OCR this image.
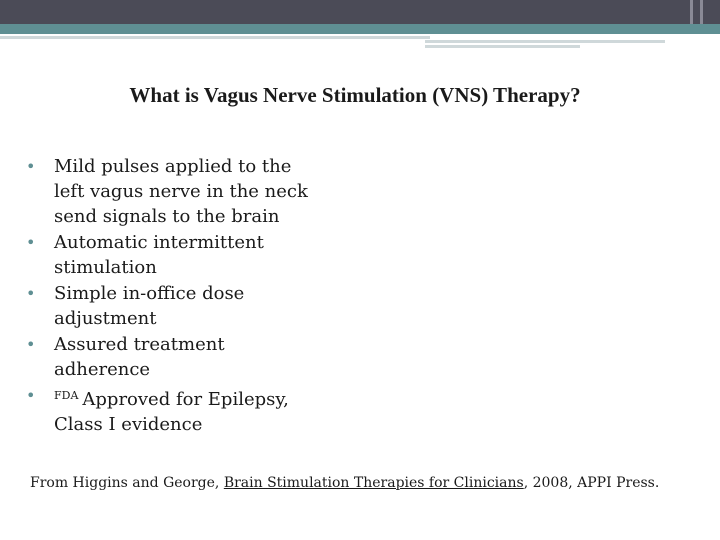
What is Vagus Nerve Stimulation (VNS) Therapy?
• Mild pulses applied to the left vagus nerve in the neck send signals to the brain
• Automatic intermittent stimulation
• Simple in-office dose adjustment
• Assured treatment adherence
• $^{FDA}$ Approved for Epilepsy, Class I evidence
From Higgins and George, Brain Stimulation Therapies for Clinicians, 2008, APPI Press.
